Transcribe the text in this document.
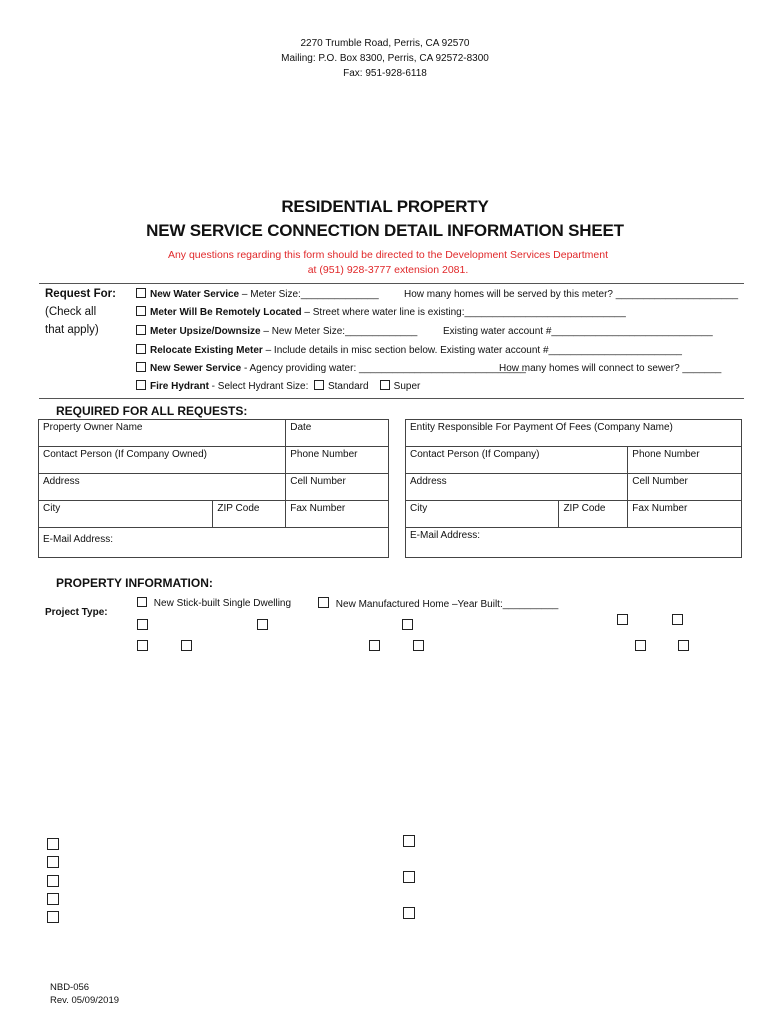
2270 Trumble Road, Perris, CA 92570
Mailing: P.O. Box 8300, Perris, CA 92572-8300
Fax: 951-928-6118
RESIDENTIAL PROPERTY
NEW SERVICE CONNECTION DETAIL INFORMATION SHEET
Any questions regarding this form should be directed to the Development Services Department
at (951) 928-3777 extension 2081.
Request For:
(Check all
that apply)
New Water Service – Meter Size:______________	How many homes will be served by this meter? ______________________
Meter Will Be Remotely Located – Street where water line is existing:_____________________________
Meter Upsize/Downsize – New Meter Size:_____________	Existing water account #_____________________________
Relocate Existing Meter – Include details in misc section below. Existing water account #________________________
New Sewer Service - Agency providing water: ______________________________
How many homes will connect to sewer? _______
Fire Hydrant - Select Hydrant Size: Standard	Super
REQUIRED FOR ALL REQUESTS:
Property Owner Name		Date
Contact Person (If Company Owned)		Phone Number
Address		Cell Number
City	ZIP Code	Fax Number
E-Mail Address:		
Entity Responsible For Payment Of Fees (Company Name)		
Contact Person (If Company)		Phone Number
Address		Cell Number
City	ZIP Code	Fax Number
E-Mail Address:		
PROPERTY INFORMATION:
Project Type:
New Stick-built Single Dwelling	New Manufactured Home –Year Built:__________
NBD-056
Rev. 05/09/2019
